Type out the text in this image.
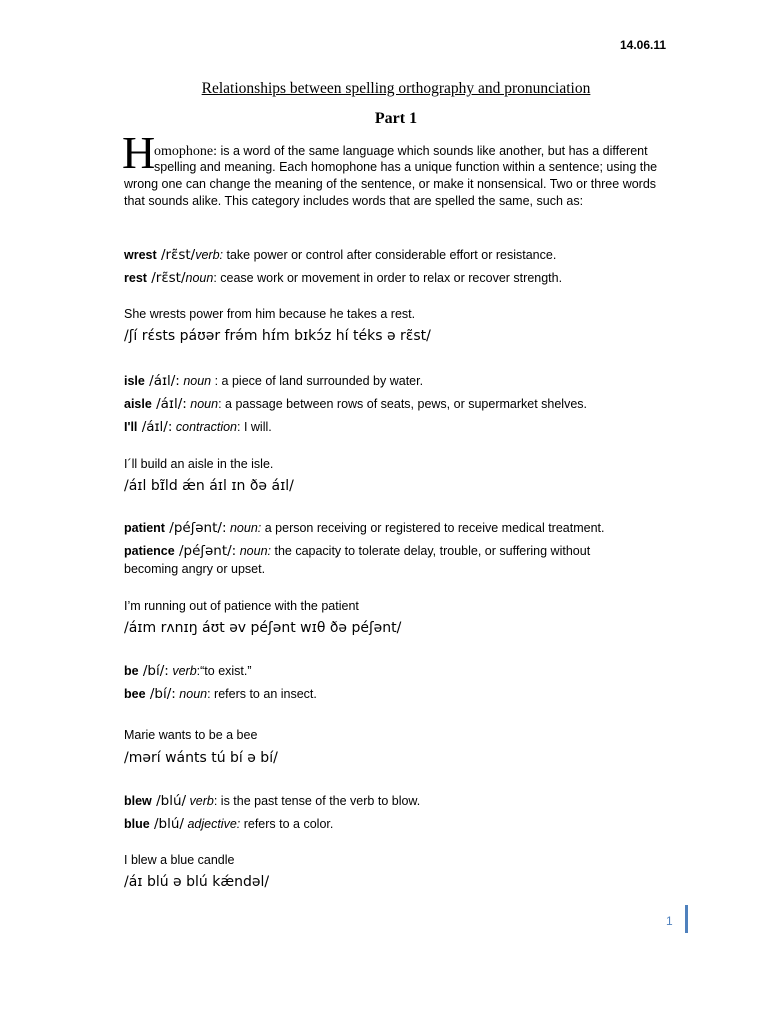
14.06.11
Relationships between spelling orthography and pronunciation
Part 1
H
omophone: is a word of the same language which sounds like another, but has a different
spelling and meaning. Each homophone has a unique function within a sentence; using the
wrong one can change the meaning of the sentence, or make it nonsensical. Two or three words
that sounds alike. This category includes words that are spelled the same, such as:
wrest /rɛ̃st/verb: take power or control after considerable effort or resistance.
rest /rɛ̃st/noun: cease work or movement in order to relax or recover strength.
She wrests power from him because he takes a rest.
/ʃí rɛ́sts páʊər frə́m hɪ́m bɪkɔ́z hí téks ə rɛ̃st/
isle /áɪl/: noun : a piece of land surrounded by water.
aisle /áɪl/: noun: a passage between rows of seats, pews, or supermarket shelves.
I'll /áɪl/: contraction: I will.
I´ll build an aisle in the isle.
/áɪl bɪ̃ld ǽn áɪl ɪn ðə áɪl/
patient /péʃənt/: noun: a person receiving or registered to receive medical treatment.
patience /péʃənt/: noun: the capacity to tolerate delay, trouble, or suffering without
becoming angry or upset.
I’m running out of patience with the patient
/áɪm rʌnɪŋ áʊt əv péʃənt wɪθ ðə péʃənt/
be /bí/: verb:“to exist.”
bee /bí/: noun: refers to an insect.
Marie wants to be a bee
/mərí wánts tú bí ə bí/
blew /blú/ verb: is the past tense of the verb to blow.
blue /blú/ adjective: refers to a color.
I blew a blue candle
/áɪ blú ə blú kǽndəl/
1
